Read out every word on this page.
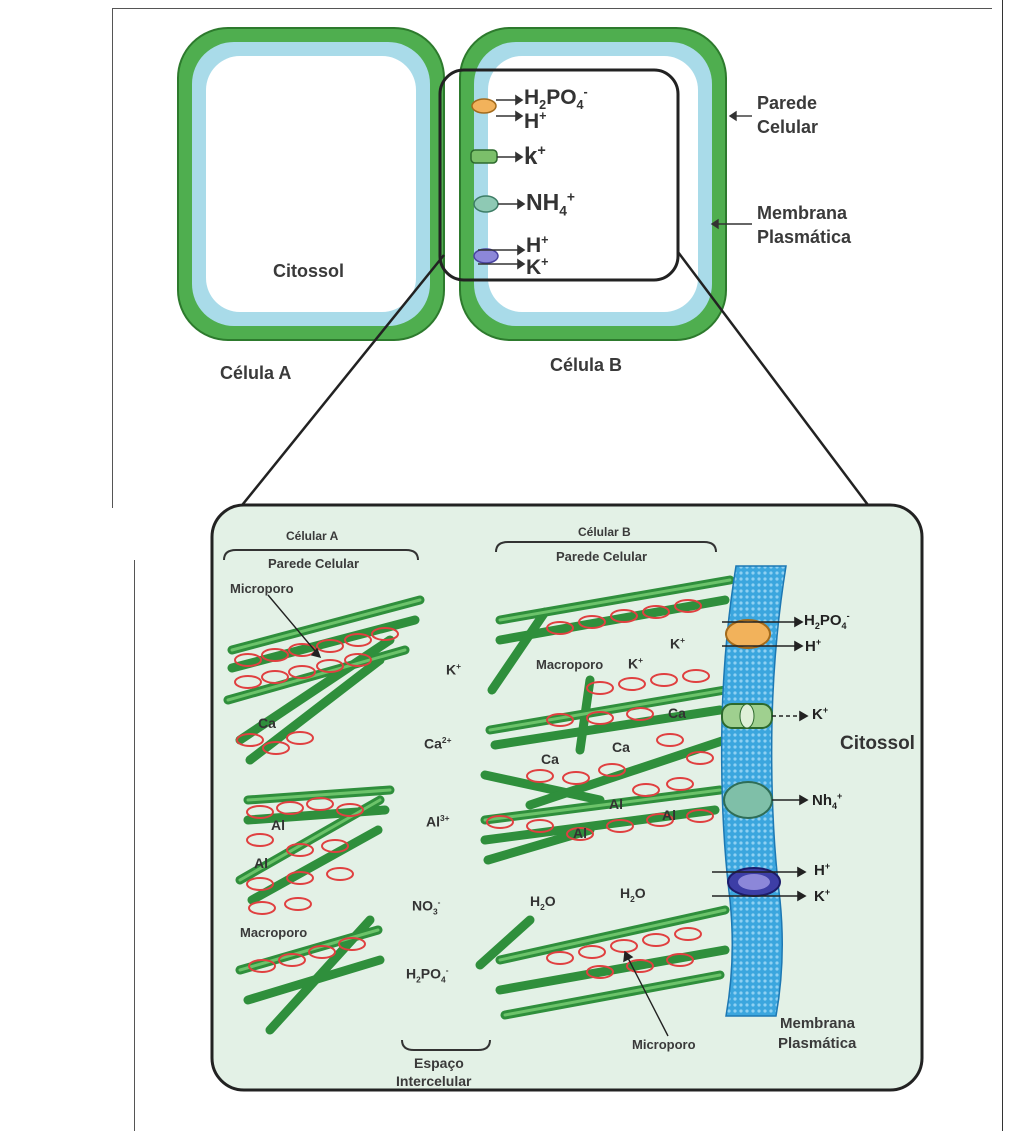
Citossol
Célula A	Célula B
Parede
Celular
Membrana
Plasmática
$H_2PO_4^-$
H+
k+
$NH_4^+$
H+
K+
Célular A
Parede Celular
Célular B
Parede Celular
Microporo
Macroporo
Macroporo
Microporo
Espaço
Intercelular
Citossol
Membrana
Plasmática
Ca
Al
Al
K+
K+
Ca
Ca
Ca
Al
Al
Al
K+
$Ca^{2+}$
$Al^{3+}$
$NO_3^-$
$H_2PO_4^-$
$H_2O$	$H_2O$
$H_2PO_4^-$
H+
K+
$Nh_4^+$
H+
K+
